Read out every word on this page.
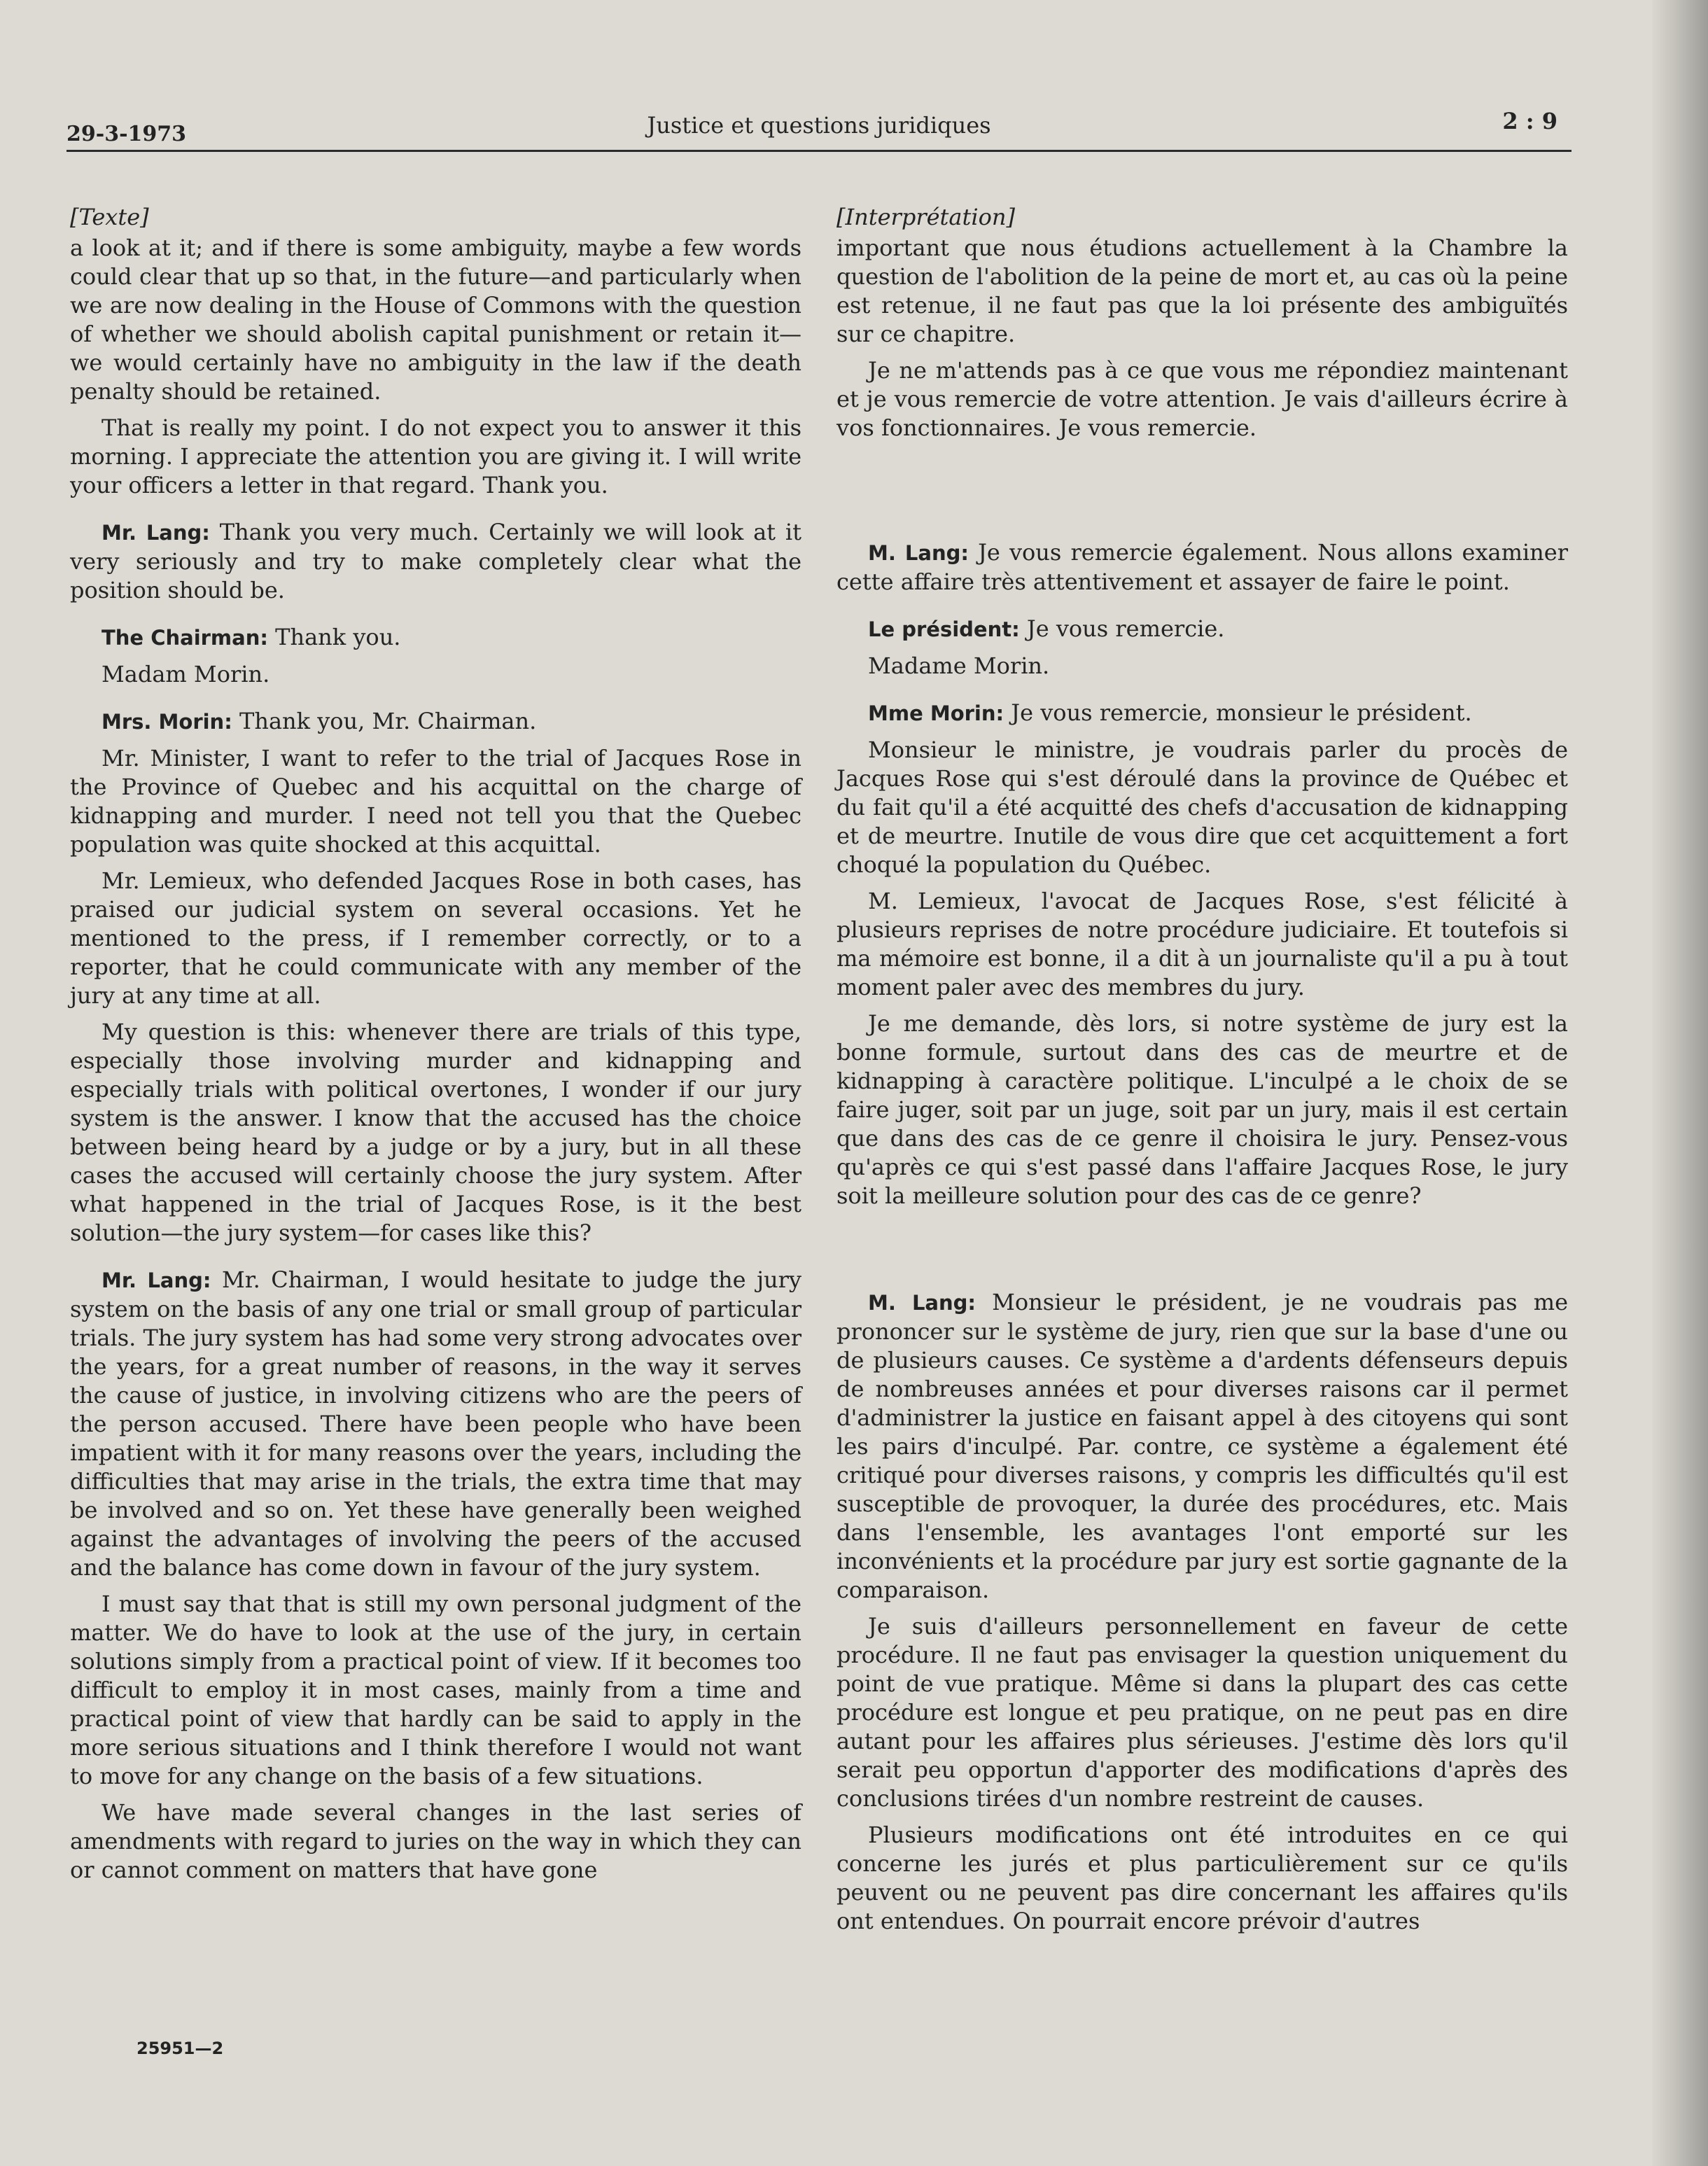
29-3-1973	Justice et questions juridiques	2 : 9

[Texte]

a look at it; and if there is some ambiguity, maybe a few words could clear that up so that, in the future—and particularly when we are now dealing in the House of Commons with the question of whether we should abolish capital punishment or retain it—we would certainly have no ambiguity in the law if the death penalty should be retained.

That is really my point. I do not expect you to answer it this morning. I appreciate the attention you are giving it. I will write your officers a letter in that regard. Thank you.

Mr. Lang: Thank you very much. Certainly we will look at it very seriously and try to make completely clear what the position should be.

The Chairman: Thank you.

Madam Morin.

Mrs. Morin: Thank you, Mr. Chairman.

Mr. Minister, I want to refer to the trial of Jacques Rose in the Province of Quebec and his acquittal on the charge of kidnapping and murder. I need not tell you that the Quebec population was quite shocked at this acquittal.

Mr. Lemieux, who defended Jacques Rose in both cases, has praised our judicial system on several occasions. Yet he mentioned to the press, if I remember correctly, or to a reporter, that he could communicate with any member of the jury at any time at all.

My question is this: whenever there are trials of this type, especially those involving murder and kidnapping and especially trials with political overtones, I wonder if our jury system is the answer. I know that the accused has the choice between being heard by a judge or by a jury, but in all these cases the accused will certainly choose the jury system. After what happened in the trial of Jacques Rose, is it the best solution—the jury system—for cases like this?

Mr. Lang: Mr. Chairman, I would hesitate to judge the jury system on the basis of any one trial or small group of particular trials. The jury system has had some very strong advocates over the years, for a great number of reasons, in the way it serves the cause of justice, in involving citizens who are the peers of the person accused. There have been people who have been impatient with it for many reasons over the years, including the difficulties that may arise in the trials, the extra time that may be involved and so on. Yet these have generally been weighed against the advantages of involving the peers of the accused and the balance has come down in favour of the jury system.

I must say that that is still my own personal judgment of the matter. We do have to look at the use of the jury, in certain solutions simply from a practical point of view. If it becomes too difficult to employ it in most cases, mainly from a time and practical point of view that hardly can be said to apply in the more serious situations and I think therefore I would not want to move for any change on the basis of a few situations.

We have made several changes in the last series of amendments with regard to juries on the way in which they can or cannot comment on matters that have gone

[Interprétation]

important que nous étudions actuellement à la Chambre la question de l'abolition de la peine de mort et, au cas où la peine est retenue, il ne faut pas que la loi présente des ambiguïtés sur ce chapitre.

Je ne m'attends pas à ce que vous me répondiez maintenant et je vous remercie de votre attention. Je vais d'ailleurs écrire à vos fonctionnaires. Je vous remercie.

M. Lang: Je vous remercie également. Nous allons examiner cette affaire très attentivement et assayer de faire le point.

Le président: Je vous remercie.

Madame Morin.

Mme Morin: Je vous remercie, monsieur le président.

Monsieur le ministre, je voudrais parler du procès de Jacques Rose qui s'est déroulé dans la province de Québec et du fait qu'il a été acquitté des chefs d'accusation de kidnapping et de meurtre. Inutile de vous dire que cet acquittement a fort choqué la population du Québec.

M. Lemieux, l'avocat de Jacques Rose, s'est félicité à plusieurs reprises de notre procédure judiciaire. Et toutefois si ma mémoire est bonne, il a dit à un journaliste qu'il a pu à tout moment paler avec des membres du jury.

Je me demande, dès lors, si notre système de jury est la bonne formule, surtout dans des cas de meurtre et de kidnapping à caractère politique. L'inculpé a le choix de se faire juger, soit par un juge, soit par un jury, mais il est certain que dans des cas de ce genre il choisira le jury. Pensez-vous qu'après ce qui s'est passé dans l'affaire Jacques Rose, le jury soit la meilleure solution pour des cas de ce genre?

M. Lang: Monsieur le président, je ne voudrais pas me prononcer sur le système de jury, rien que sur la base d'une ou de plusieurs causes. Ce système a d'ardents défenseurs depuis de nombreuses années et pour diverses raisons car il permet d'administrer la justice en faisant appel à des citoyens qui sont les pairs d'inculpé. Par. contre, ce système a également été critiqué pour diverses raisons, y compris les difficultés qu'il est susceptible de provoquer, la durée des procédures, etc. Mais dans l'ensemble, les avantages l'ont emporté sur les inconvénients et la procédure par jury est sortie gagnante de la comparaison.

Je suis d'ailleurs personnellement en faveur de cette procédure. Il ne faut pas envisager la question uniquement du point de vue pratique. Même si dans la plupart des cas cette procédure est longue et peu pratique, on ne peut pas en dire autant pour les affaires plus sérieuses. J'estime dès lors qu'il serait peu opportun d'apporter des modifications d'après des conclusions tirées d'un nombre restreint de causes.

Plusieurs modifications ont été introduites en ce qui concerne les jurés et plus particulièrement sur ce qu'ils peuvent ou ne peuvent pas dire concernant les affaires qu'ils ont entendues. On pourrait encore prévoir d'autres

25951—2
